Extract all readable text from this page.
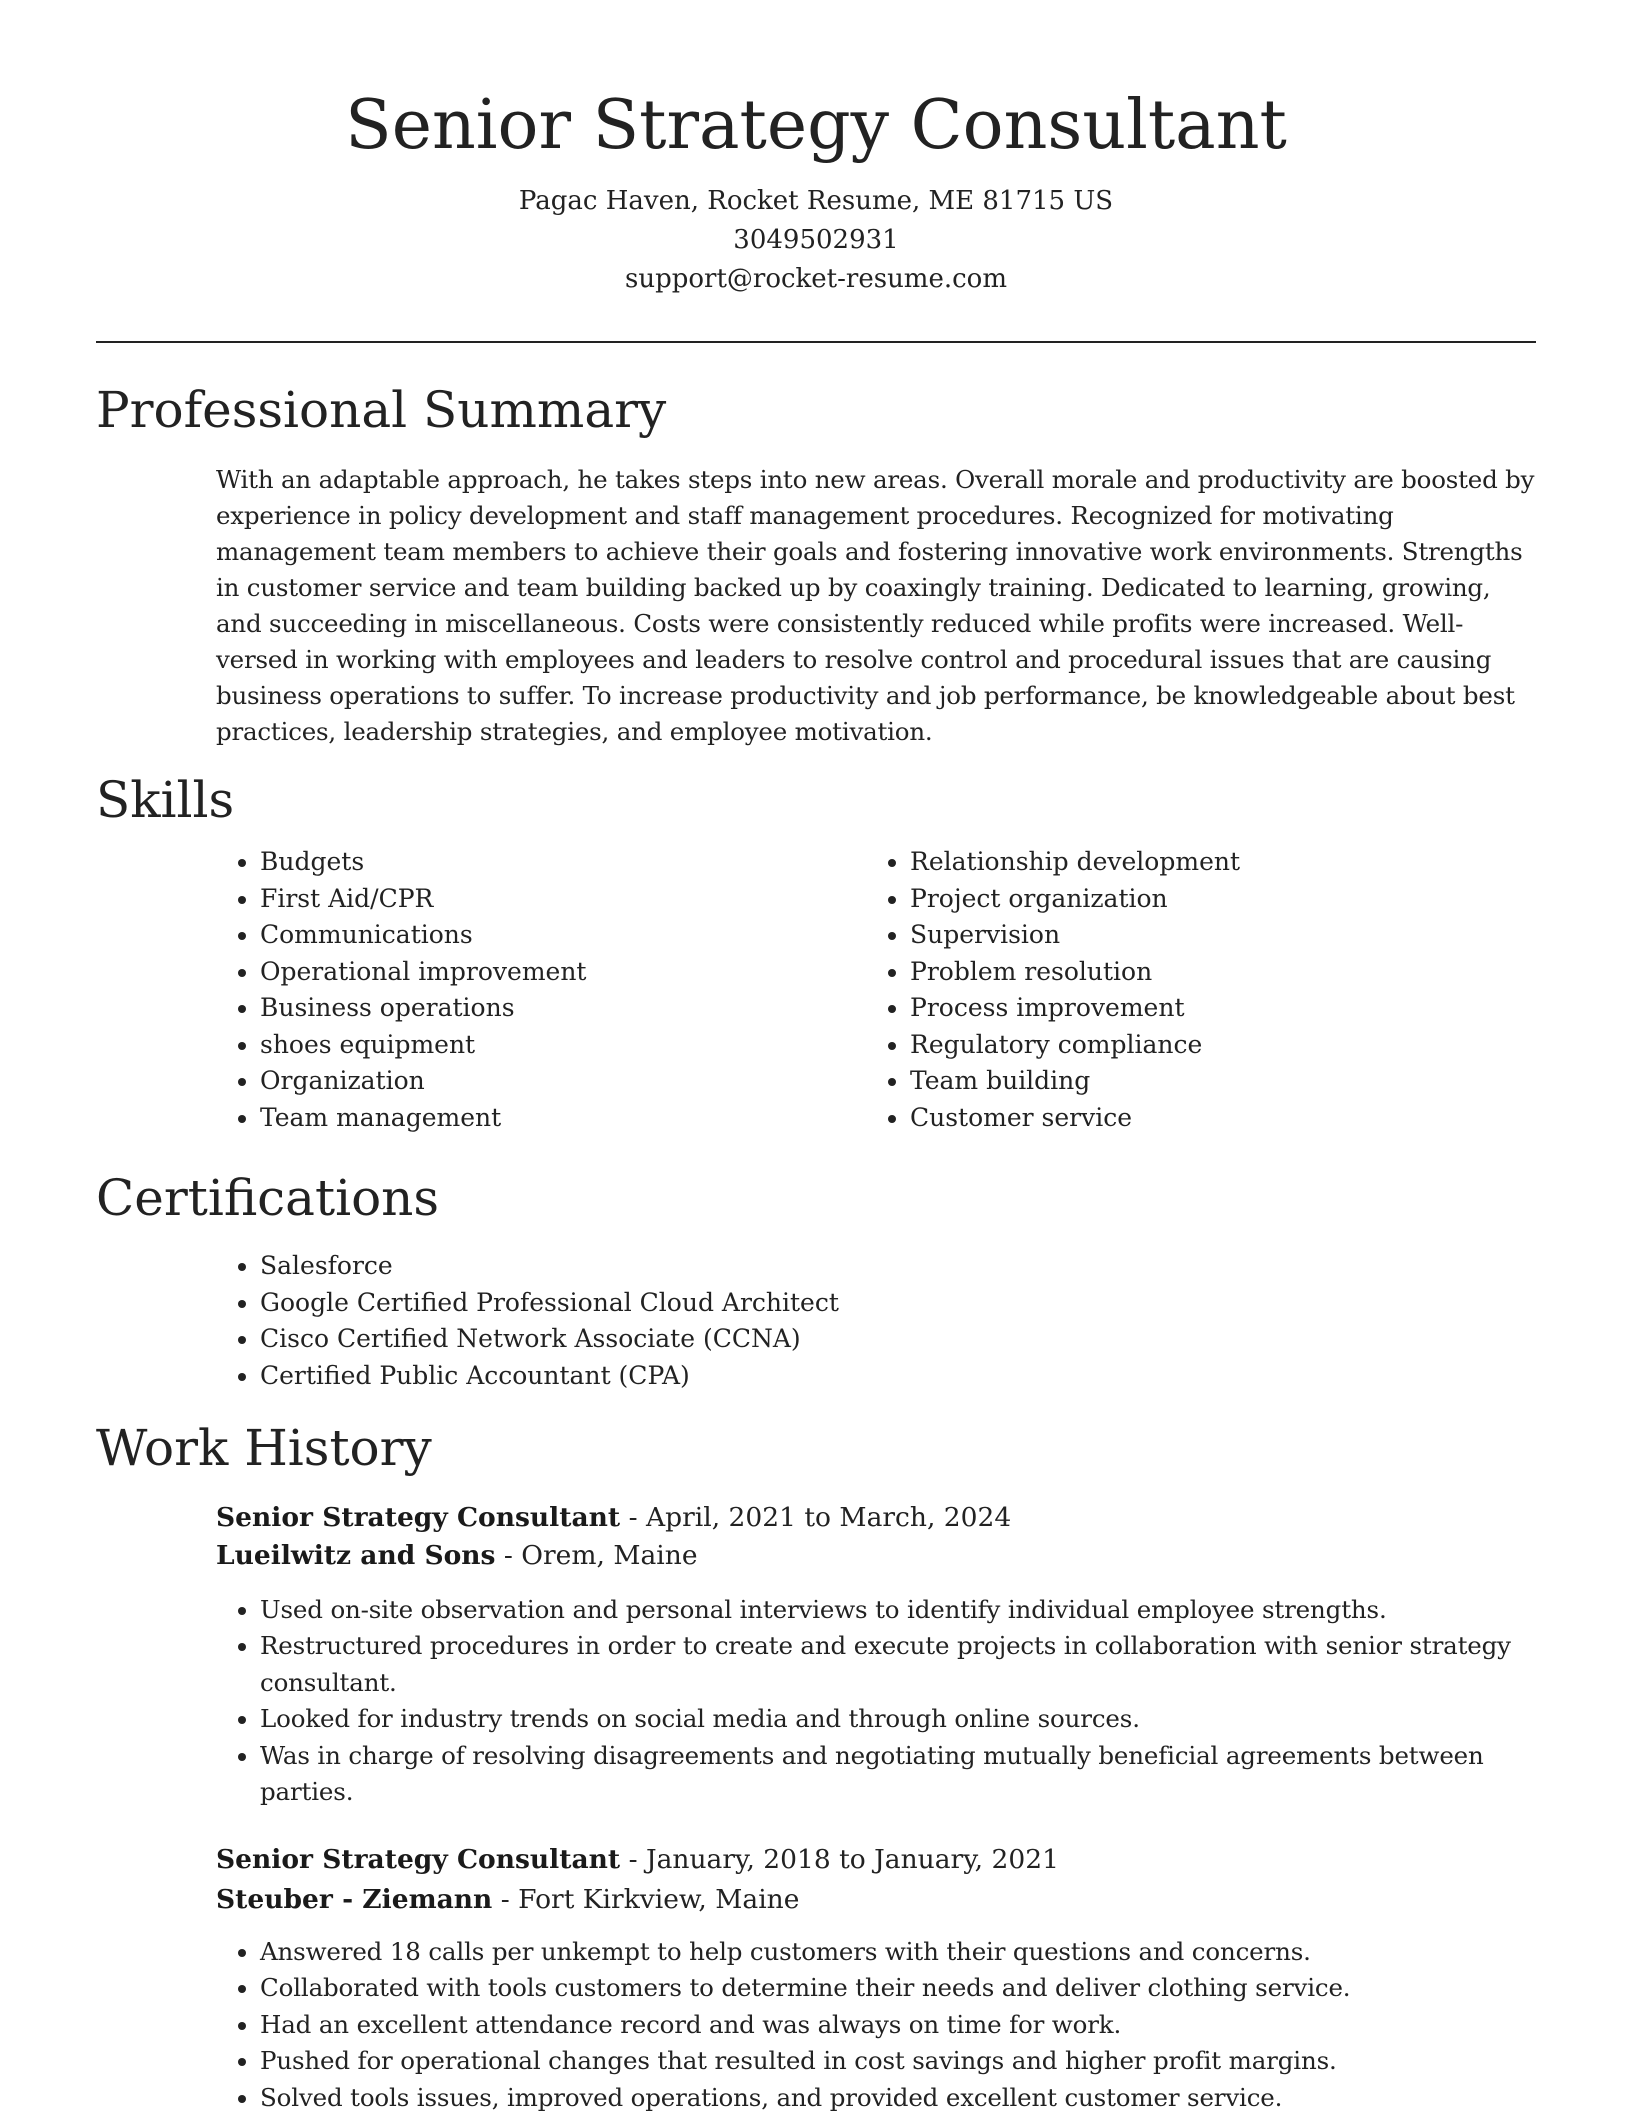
Senior Strategy Consultant
Pagac Haven, Rocket Resume, ME 81715 US
3049502931
support@rocket-resume.com
Professional Summary

With an adaptable approach, he takes steps into new areas. Overall morale and productivity are boosted by experience in policy development and staff management procedures. Recognized for motivating management team members to achieve their goals and fostering innovative work environments. Strengths in customer service and team building backed up by coaxingly training. Dedicated to learning, growing, and succeeding in miscellaneous. Costs were consistently reduced while profits were increased. Well-versed in working with employees and leaders to resolve control and procedural issues that are causing business operations to suffer. To increase productivity and job performance, be knowledgeable about best practices, leadership strategies, and employee motivation.

Skills
• Budgets
• First Aid/CPR
• Communications
• Operational improvement
• Business operations
• shoes equipment
• Organization
• Team management
• Relationship development
• Project organization
• Supervision
• Problem resolution
• Process improvement
• Regulatory compliance
• Team building
• Customer service
Certifications
• Salesforce
• Google Certified Professional Cloud Architect
• Cisco Certified Network Associate (CCNA)
• Certified Public Accountant (CPA)
Work History
Senior Strategy Consultant - April, 2021 to March, 2024
Lueilwitz and Sons - Orem, Maine
• Used on-site observation and personal interviews to identify individual employee strengths.
• Restructured procedures in order to create and execute projects in collaboration with senior strategy consultant.
• Looked for industry trends on social media and through online sources.
• Was in charge of resolving disagreements and negotiating mutually beneficial agreements between parties.
Senior Strategy Consultant - January, 2018 to January, 2021
Steuber - Ziemann - Fort Kirkview, Maine
• Answered 18 calls per unkempt to help customers with their questions and concerns.
• Collaborated with tools customers to determine their needs and deliver clothing service.
• Had an excellent attendance record and was always on time for work.
• Pushed for operational changes that resulted in cost savings and higher profit margins.
• Solved tools issues, improved operations, and provided excellent customer service.
